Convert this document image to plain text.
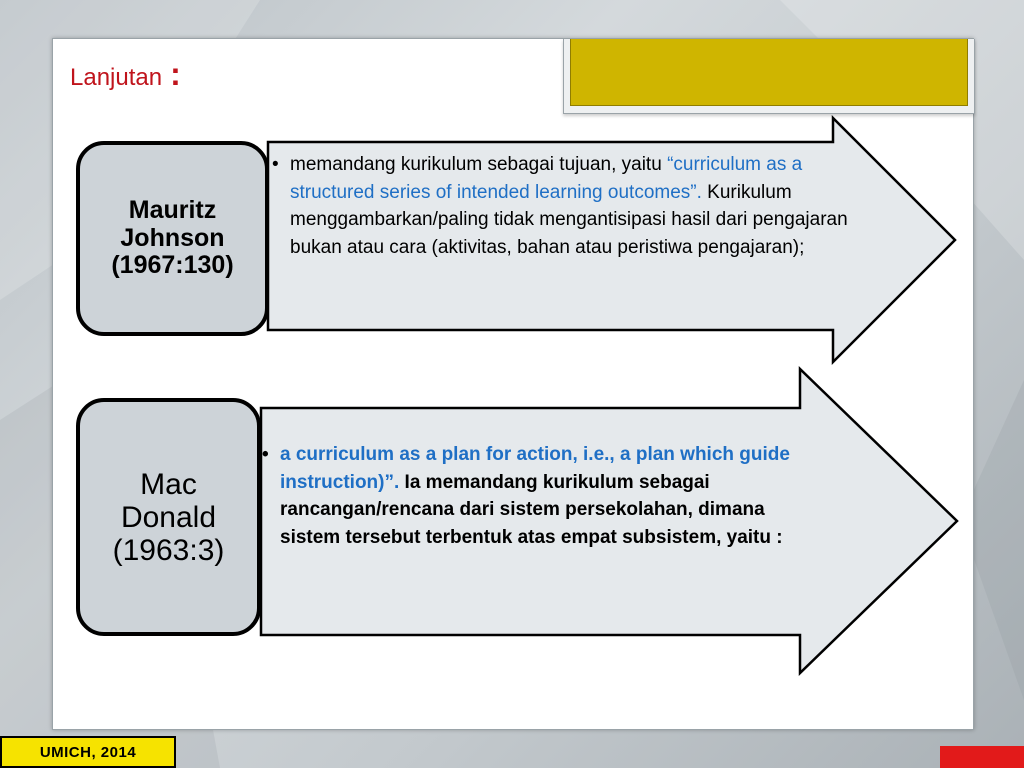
Lanjutan :
Mauritz
Johnson
(1967:130)
Mac
Donald
(1963:3)
• memandang kurikulum sebagai tujuan, yaitu “curriculum as a structured series of intended learning outcomes”. Kurikulum menggambarkan/paling tidak mengantisipasi hasil dari pengajaran bukan atau cara (aktivitas, bahan atau peristiwa pengajaran);
• a curriculum as a plan for action, i.e., a plan which guide instruction)”. Ia memandang kurikulum sebagai rancangan/rencana dari sistem persekolahan, dimana sistem tersebut terbentuk atas empat subsistem, yaitu :
UMICH, 2014
